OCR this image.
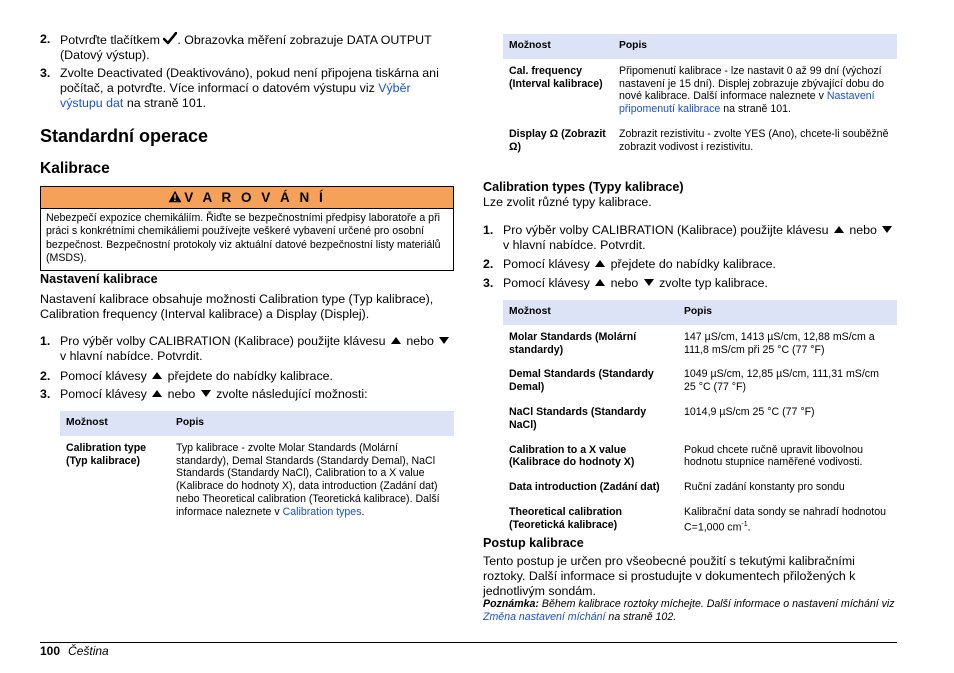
2. Potvrďte tlačítkem . Obrazovka měření zobrazuje DATA OUTPUT (Datový výstup).
3. Zvolte Deactivated (Deaktivováno), pokud není připojena tiskárna ani počítač, a potvrďte. Více informací o datovém výstupu viz Výběr výstupu dat na straně 101.
Standardní operace
Kalibrace
V A R O V Á N Í
Nebezpečí expozice chemikáliím. Řiďte se bezpečnostními předpisy laboratoře a při práci s konkrétními chemikáliemi používejte veškeré vybavení určené pro osobní bezpečnost. Bezpečnostní protokoly viz aktuální datové bezpečnostní listy materiálů (MSDS).
Nastavení kalibrace

Nastavení kalibrace obsahuje možnosti Calibration type (Typ kalibrace), Calibration frequency (Interval kalibrace) a Display (Displej).

1. Pro výběr volby CALIBRATION (Kalibrace) použijte klávesu  nebo  v hlavní nabídce. Potvrdit.
2. Pomocí klávesy  přejdete do nabídky kalibrace.
3. Pomocí klávesy  nebo  zvolte následující možnosti:
Možnost	Popis
Calibration type (Typ kalibrace)	Typ kalibrace - zvolte Molar Standards (Molární standardy), Demal Standards (Standardy Demal), NaCl Standards (Standardy NaCl), Calibration to a X value (Kalibrace do hodnoty X), data introduction (Zadání dat) nebo Theoretical calibration (Teoretická kalibrace). Další informace naleznete v Calibration types.
Možnost	Popis
Cal. frequency (Interval kalibrace)	Připomenutí kalibrace - lze nastavit 0 až 99 dní (výchozí nastavení je 15 dní). Displej zobrazuje zbývající dobu do nové kalibrace. Další informace naleznete v Nastavení připomenutí kalibrace na straně 101.
Display Ω (Zobrazit Ω)	Zobrazit rezistivitu - zvolte YES (Ano), chcete-li souběžně zobrazit vodivost i rezistivitu.
Calibration types (Typy kalibrace)

Lze zvolit různé typy kalibrace.

1. Pro výběr volby CALIBRATION (Kalibrace) použijte klávesu  nebo  v hlavní nabídce. Potvrdit.
2. Pomocí klávesy  přejdete do nabídky kalibrace.
3. Pomocí klávesy  nebo  zvolte typ kalibrace.
Možnost	Popis
Molar Standards (Molární standardy)	147 µS/cm, 1413 µS/cm, 12,88 mS/cm a 111,8 mS/cm při 25 °C (77 °F)
Demal Standards (Standardy Demal)	1049 µS/cm, 12,85 µS/cm, 111,31 mS/cm 25 °C (77 °F)
NaCl Standards (Standardy NaCl)	1014,9 µS/cm 25 °C (77 °F)
Calibration to a X value (Kalibrace do hodnoty X)	Pokud chcete ručně upravit libovolnou hodnotu stupnice naměřené vodivosti.
Data introduction (Zadání dat)	Ruční zadání konstanty pro sondu
Theoretical calibration (Teoretická kalibrace)	Kalibrační data sondy se nahradí hodnotou C=1,000 $cm^{-1}$.
Postup kalibrace

Tento postup je určen pro všeobecné použití s tekutými kalibračními roztoky. Další informace si prostudujte v dokumentech přiložených k jednotlivým sondám.

Poznámka: Během kalibrace roztoky míchejte. Další informace o nastavení míchání viz Změna nastavení míchání na straně 102.

100 Čeština
